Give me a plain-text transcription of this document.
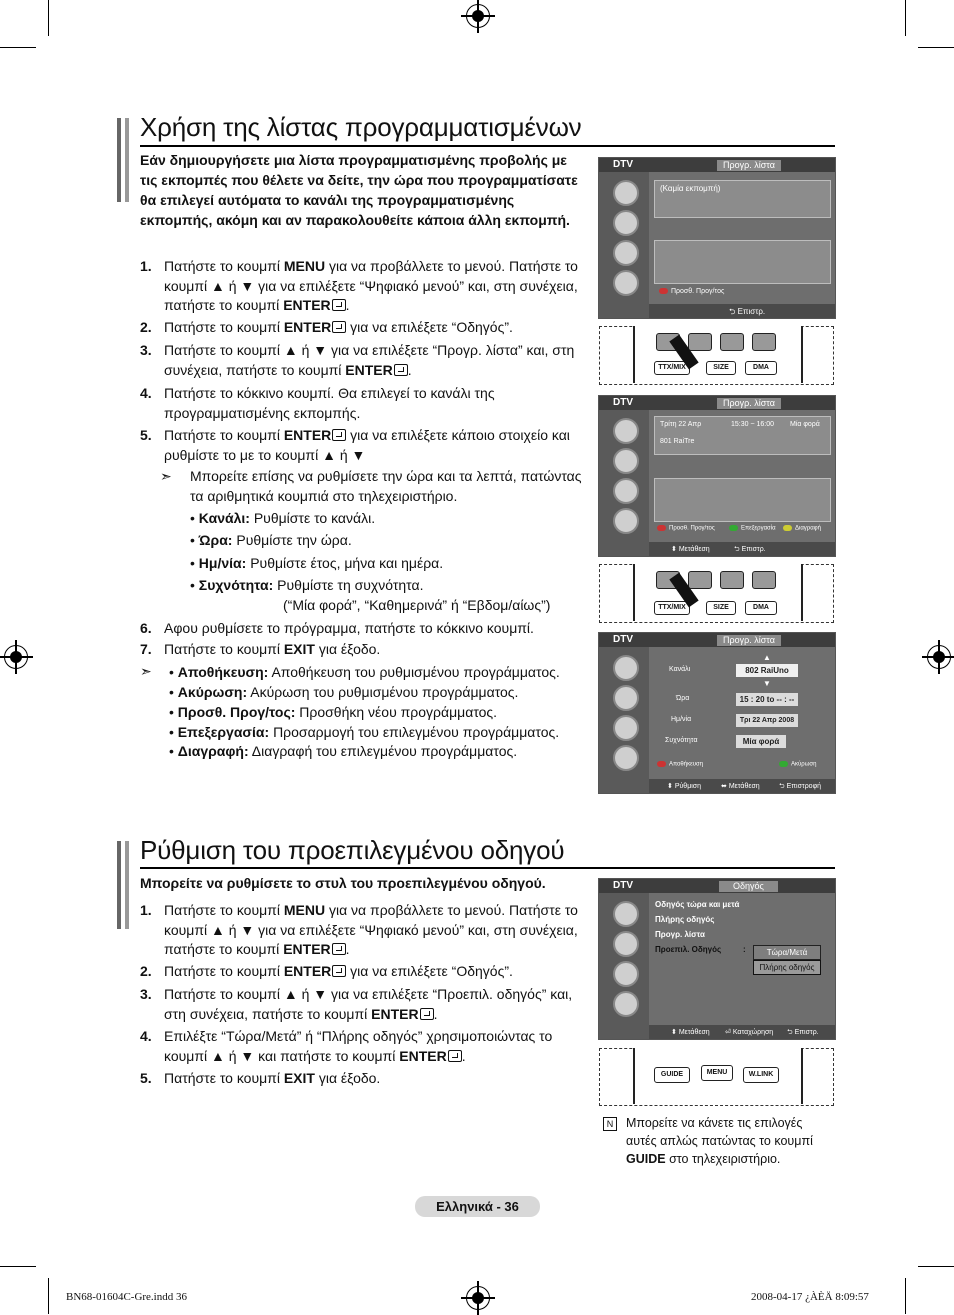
Χρήση της λίστας προγραμματισμένων
Εάν δημιουργήσετε μια λίστα προγραμματισμένης προβολής με τις εκπομπές που θέλετε να δείτε, την ώρα που προγραμματίσατε θα επιλεγεί αυτόματα το κανάλι της προγραμματισμένης εκπομπής, ακόμη και αν παρακολουθείτε κάποια άλλη εκπομπή.
1. Πατήστε το κουμπί MENU για να προβάλλετε το μενού. Πατήστε το κουμπί ▲ ή ▼ για να επιλέξετε “Ψηφιακό μενού” και, στη συνέχεια, πατήστε το κουμπί ENTER .
2. Πατήστε το κουμπί ENTER για να επιλέξετε “Οδηγός”.
3. Πατήστε το κουμπί ▲ ή ▼ για να επιλέξετε “Προγρ. λίστα” και, στη συνέχεια, πατήστε το κουμπί ENTER .
4. Πατήστε το κόκκινο κουμπί. Θα επιλεγεί το κανάλι της προγραμματισμένης εκπομπής.
5. Πατήστε το κουμπί ENTER για να επιλέξετε κάποιο στοιχείο και ρυθμίστε το με το κουμπί ▲ ή ▼
➣ Μπορείτε επίσης να ρυθμίσετε την ώρα και τα λεπτά, πατώντας τα αριθμητικά κουμπιά στο τηλεχειριστήριο.
• Κανάλι: Ρυθμίστε το κανάλι.
• Ώρα: Ρυθμίστε την ώρα.
• Ημ/νία: Ρυθμίστε έτος, μήνα και ημέρα.
• Συχνότητα: Ρυθμίστε τη συχνότητα.
(“Μία φορά”, “Καθημερινά” ή “Εβδομ/αίως”)
6. Αφου ρυθμίσετε το πρόγραμμα, πατήστε το κόκκινο κουμπί.
7. Πατήστε το κουμπί EXIT για έξοδο.
➣	• Αποθήκευση: Αποθήκευση του ρυθμισμένου προγράμματος.
• Ακύρωση: Ακύρωση του ρυθμισμένου προγράμματος.
• Προσθ. Προγ/τος: Προσθήκη νέου προγράμματος.
• Επεξεργασία: Προσαρμογή του επιλεγμένου προγράμματος.
• Διαγραφή: Διαγραφή του επιλεγμένου προγράμματος.
DTV	Προγρ. λίστα
(Καμία εκπομπή)
Προσθ. Προγ/τος
⮌ Επιστρ.
TTX/MIX	SIZE	DMA
DTV	Προγρ. λίστα
Τρίτη 22 Απρ	15:30 ~ 16:00 Μία φορά
801 RaiTre
Προσθ. Προγ/τος	Επεξεργασία	Διαγραφή
⬍ Μετάθεση	⮌ Επιστρ.
TTX/MIX	SIZE	DMA
DTV	Προγρ. λίστα
▲
Κανάλι	802 RaiUno
▼
Ώρα	15 : 20 to -- : --
Ημ/νία	Τρι 22 Απρ 2008
Συχνότητα	Μία φορά
Αποθήκευση	Ακύρωση
⬍ Ρύθμιση	⬌ Μετάθεση	⮌ Επιστροφή
Ρύθμιση του προεπιλεγμένου οδηγού
Μπορείτε να ρυθμίσετε το στυλ του προεπιλεγμένου οδηγού.
1. Πατήστε το κουμπί MENU για να προβάλλετε το μενού. Πατήστε το κουμπί ▲ ή ▼ για να επιλέξετε “Ψηφιακό μενού” και, στη συνέχεια, πατήστε το κουμπί ENTER .
2. Πατήστε το κουμπί ENTER για να επιλέξετε “Οδηγός”.
3. Πατήστε το κουμπί ▲ ή ▼ για να επιλέξετε “Προεπιλ. οδηγός” και, στη συνέχεια, πατήστε το κουμπί ENTER .
4. Επιλέξτε “Τώρα/Μετά” ή “Πλήρης οδηγός” χρησιμοποιώντας το κουμπί ▲ ή ▼ και πατήστε το κουμπί ENTER .
5. Πατήστε το κουμπί EXIT για έξοδο.
DTV	Οδηγός
Οδηγός τώρα και μετά
Πλήρης οδηγός
Προγρ. λίστα
Προεπιλ. Οδηγός	:	Τώρα/Μετά
Πλήρης οδηγός
⬍ Μετάθεση ⏎ Καταχώρηση ⮌ Επιστρ.
GUIDE	MENU	W.LINK
N	Μπορείτε να κάνετε τις επιλογές αυτές απλώς πατώντας το κουμπί GUIDE στο τηλεχειριστήριο.
Ελληνικά - 36
BN68-01604C-Gre.indd 36	2008-04-17 ¿ÀÈÄ 8:09:57
